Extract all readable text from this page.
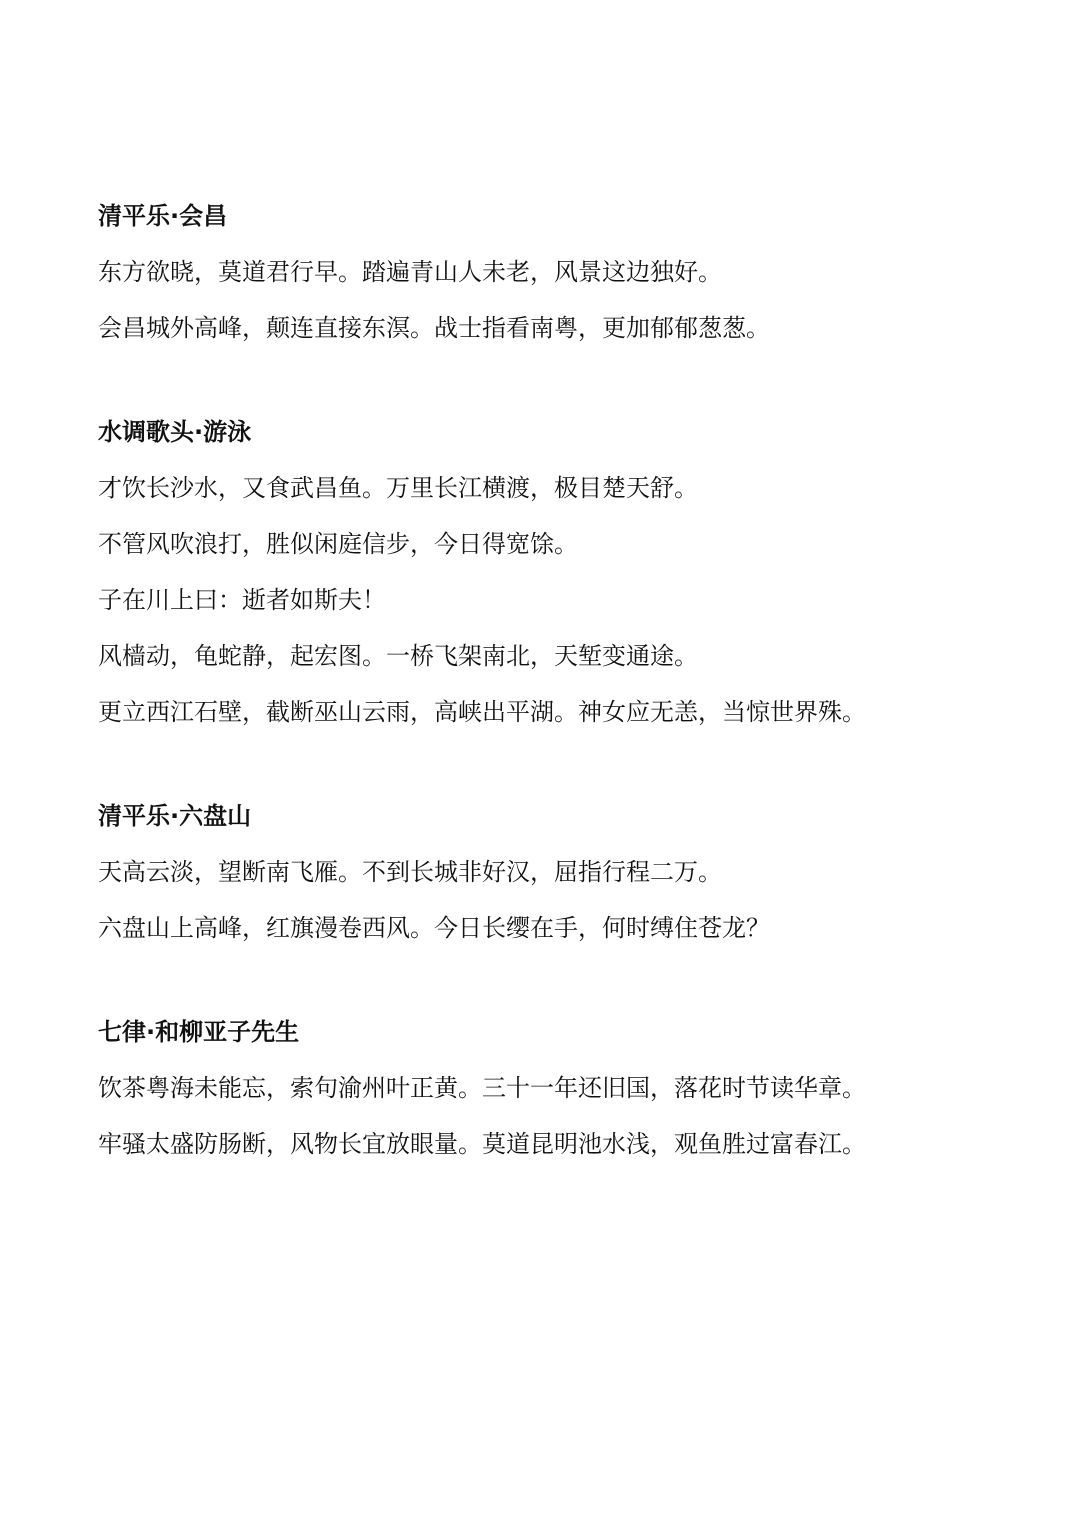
清平乐·会昌

东方欲晓，莫道君行早。踏遍青山人未老，风景这边独好。

会昌城外高峰，颠连直接东溟。战士指看南粤，更加郁郁葱葱。

水调歌头·游泳

才饮长沙水，又食武昌鱼。万里长江横渡，极目楚天舒。

不管风吹浪打，胜似闲庭信步，今日得宽馀。

子在川上曰：逝者如斯夫！

风樯动，龟蛇静，起宏图。一桥飞架南北，天堑变通途。

更立西江石壁，截断巫山云雨，高峡出平湖。神女应无恙，当惊世界殊。

清平乐·六盘山

天高云淡，望断南飞雁。不到长城非好汉，屈指行程二万。

六盘山上高峰，红旗漫卷西风。今日长缨在手，何时缚住苍龙？

七律·和柳亚子先生

饮茶粤海未能忘，索句渝州叶正黄。三十一年还旧国，落花时节读华章。

牢骚太盛防肠断，风物长宜放眼量。莫道昆明池水浅，观鱼胜过富春江。
